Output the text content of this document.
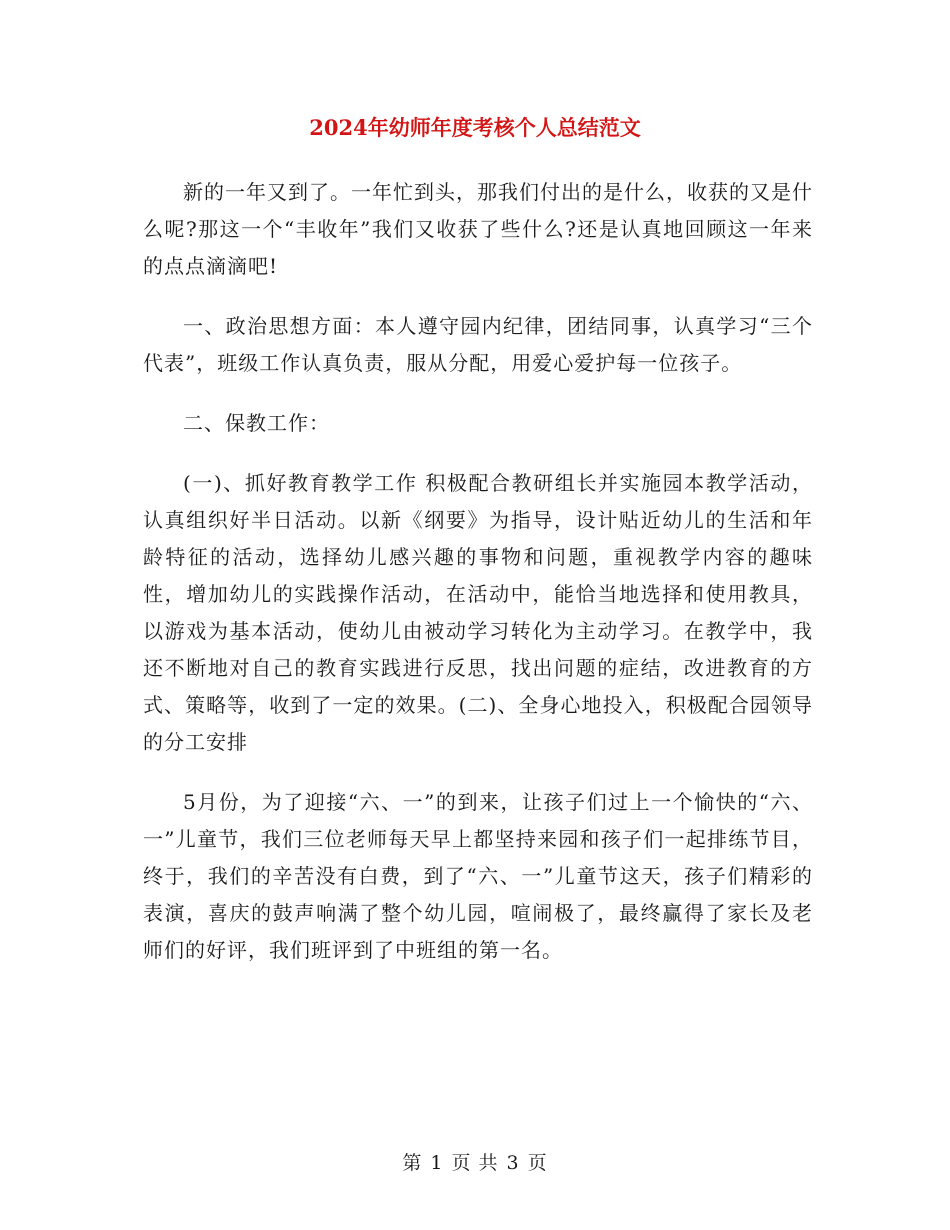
2024年幼师年度考核个人总结范文

新的一年又到了。一年忙到头，那我们付出的是什么，收获的又是什么呢?那这一个“丰收年”我们又收获了些什么?还是认真地回顾这一年来的点点滴滴吧!

一、政治思想方面：本人遵守园内纪律，团结同事，认真学习“三个代表”，班级工作认真负责，服从分配，用爱心爱护每一位孩子。

二、保教工作：

(一)、抓好教育教学工作 积极配合教研组长并实施园本教学活动，认真组织好半日活动。以新《纲要》为指导，设计贴近幼儿的生活和年龄特征的活动，选择幼儿感兴趣的事物和问题，重视教学内容的趣味性，增加幼儿的实践操作活动，在活动中，能恰当地选择和使用教具，以游戏为基本活动，使幼儿由被动学习转化为主动学习。在教学中，我还不断地对自己的教育实践进行反思，找出问题的症结，改进教育的方式、策略等，收到了一定的效果。(二)、全身心地投入，积极配合园领导的分工安排

5月份，为了迎接“六、一”的到来，让孩子们过上一个愉快的“六、一”儿童节，我们三位老师每天早上都坚持来园和孩子们一起排练节目，终于，我们的辛苦没有白费，到了“六、一”儿童节这天，孩子们精彩的表演，喜庆的鼓声响满了整个幼儿园，喧闹极了，最终赢得了家长及老师们的好评，我们班评到了中班组的第一名。

第 1 页 共 3 页
